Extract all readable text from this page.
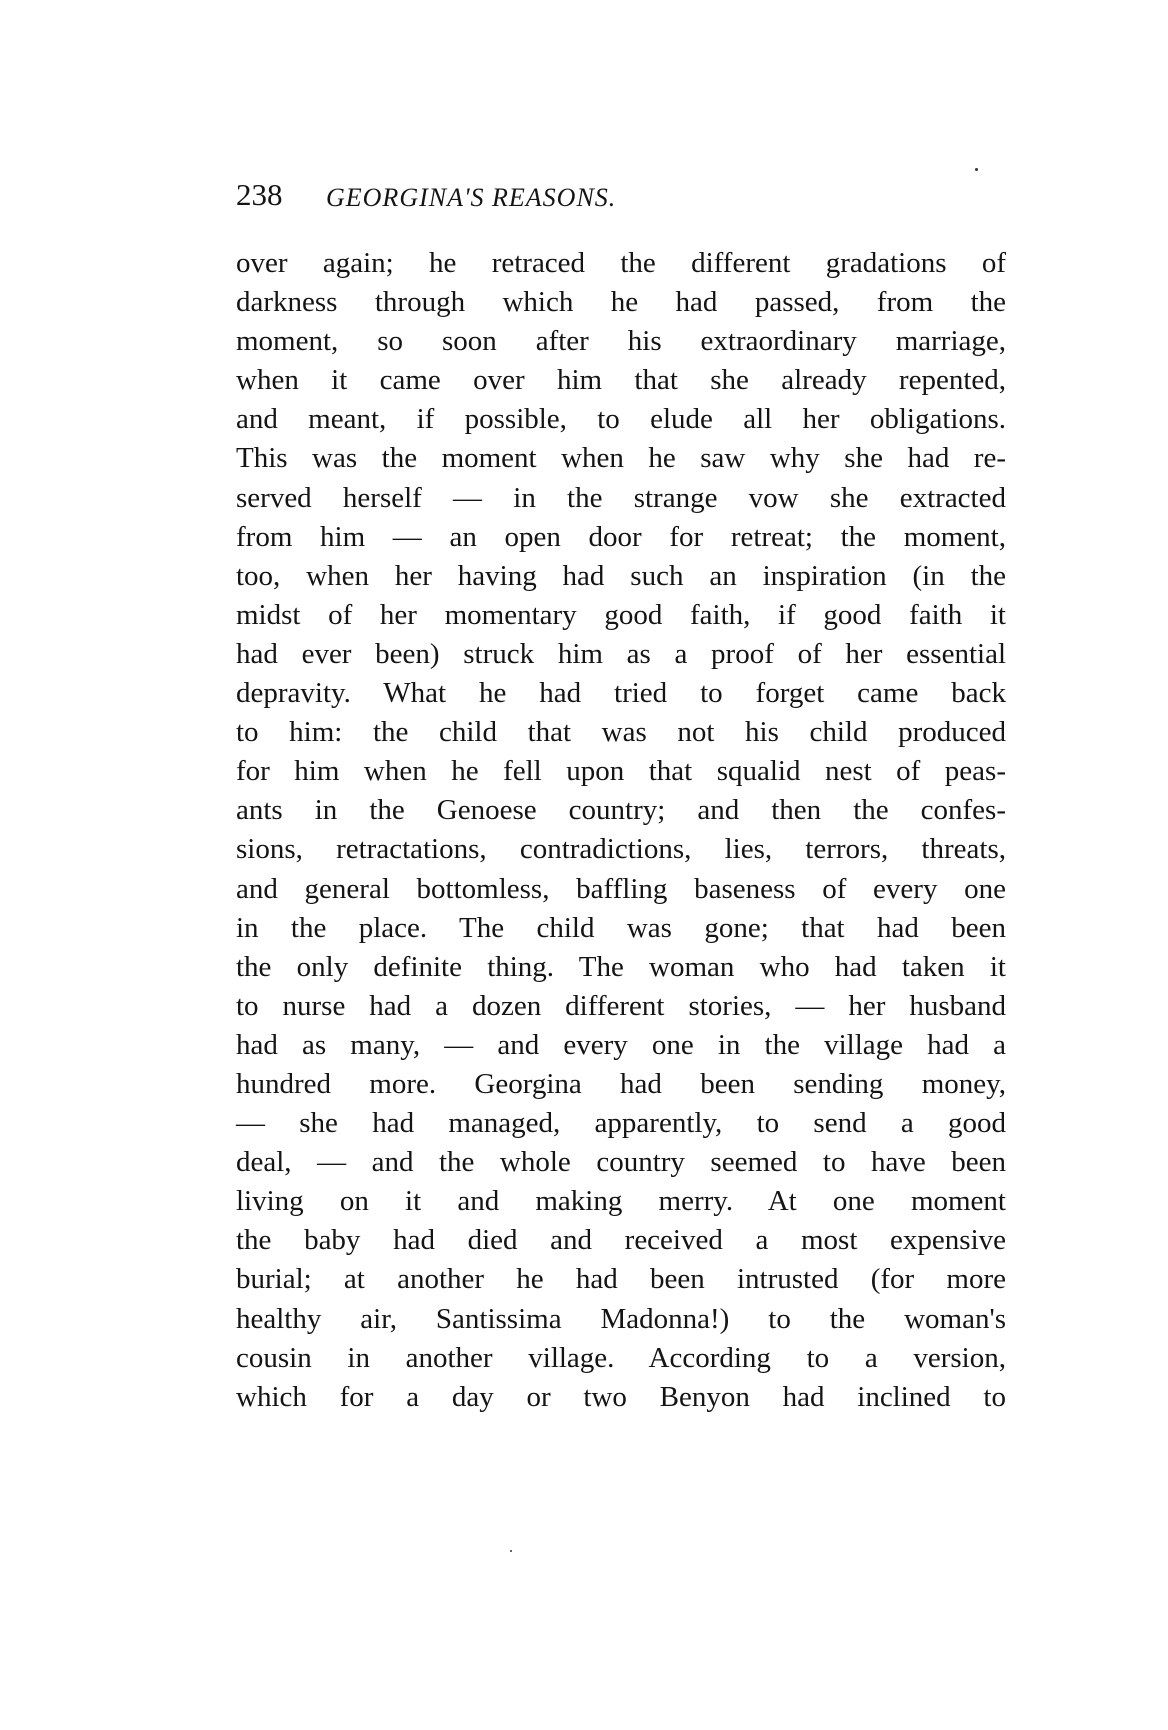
238 GEORGINA'S REASONS.
over again; he retraced the different gradations of
darkness through which he had passed, from the
moment, so soon after his extraordinary marriage,
when it came over him that she already repented,
and meant, if possible, to elude all her obligations.
This was the moment when he saw why she had re-
served herself — in the strange vow she extracted
from him — an open door for retreat; the moment,
too, when her having had such an inspiration (in the
midst of her momentary good faith, if good faith it
had ever been) struck him as a proof of her essential
depravity. What he had tried to forget came back
to him: the child that was not his child produced
for him when he fell upon that squalid nest of peas-
ants in the Genoese country; and then the confes-
sions, retractations, contradictions, lies, terrors, threats,
and general bottomless, baffling baseness of every one
in the place. The child was gone; that had been
the only definite thing. The woman who had taken it
to nurse had a dozen different stories, — her husband
had as many, — and every one in the village had a
hundred more. Georgina had been sending money,
— she had managed, apparently, to send a good
deal, — and the whole country seemed to have been
living on it and making merry. At one moment
the baby had died and received a most expensive
burial; at another he had been intrusted (for more
healthy air, Santissima Madonna!) to the woman's
cousin in another village. According to a version,
which for a day or two Benyon had inclined to
